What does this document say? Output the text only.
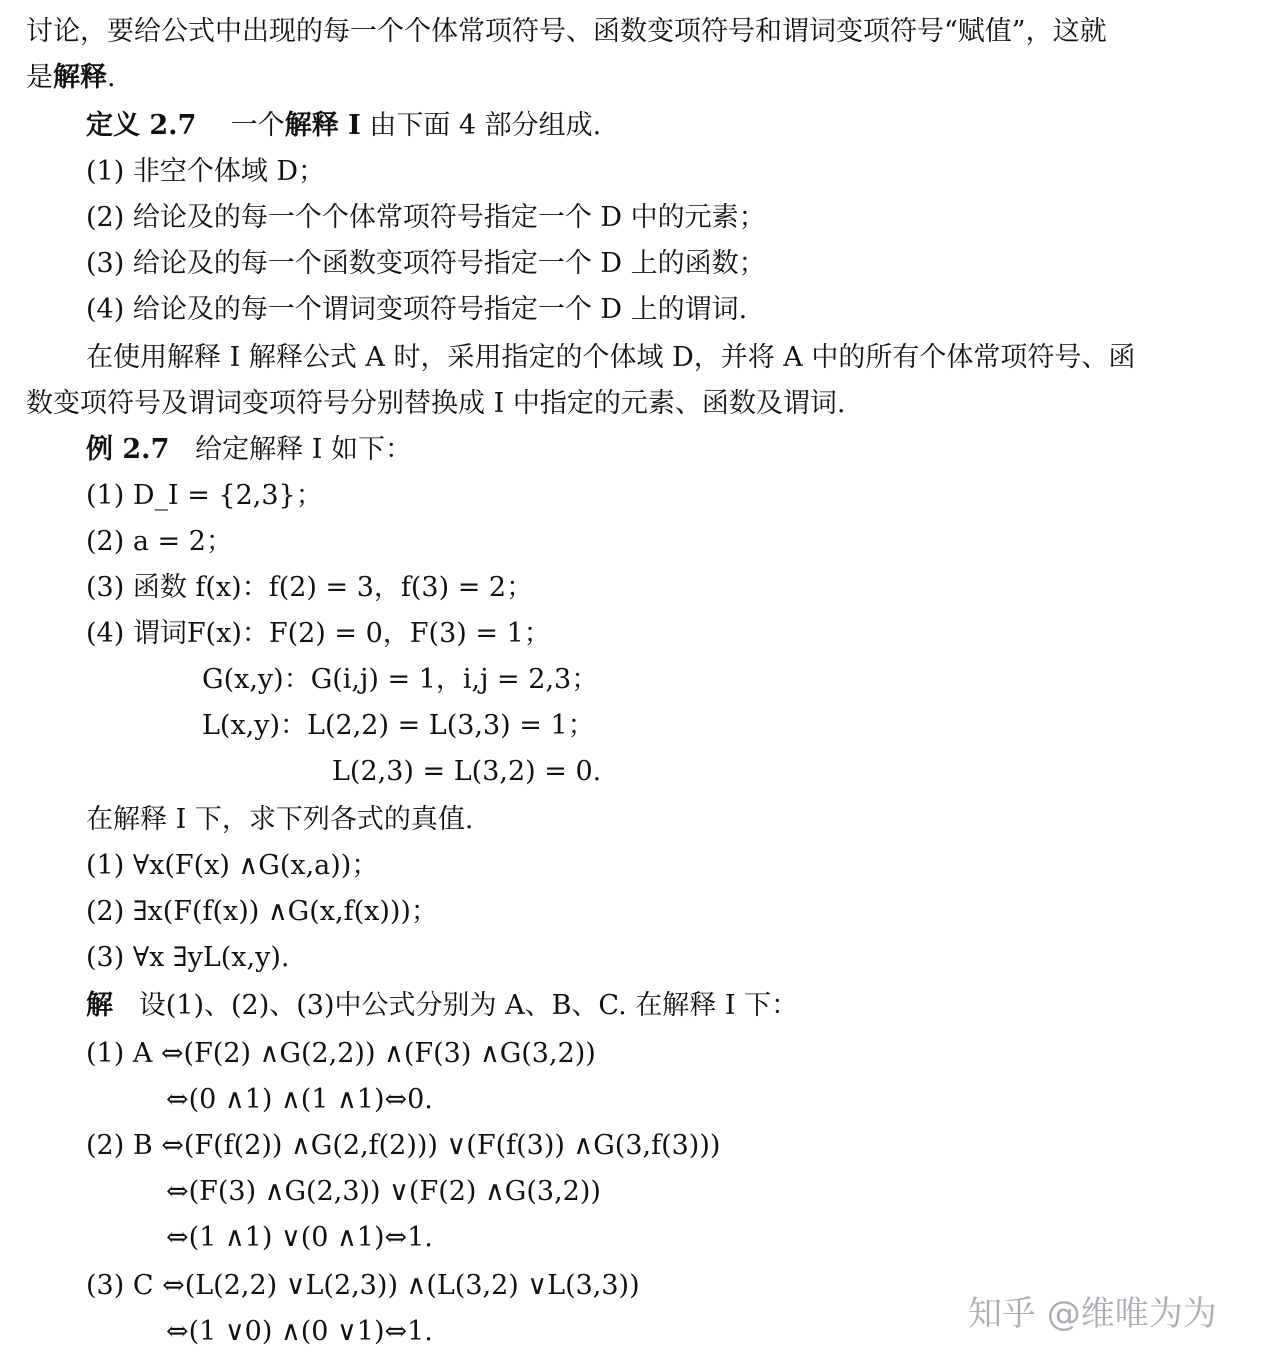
讨论，要给公式中出现的每一个个体常项符号、函数变项符号和谓词变项符号“赋值”，这就
是解释.
定义 2.7 一个解释 I 由下面 4 部分组成.
(1) 非空个体域 D；
(2) 给论及的每一个个体常项符号指定一个 D 中的元素；
(3) 给论及的每一个函数变项符号指定一个 D 上的函数；
(4) 给论及的每一个谓词变项符号指定一个 D 上的谓词.
在使用解释 I 解释公式 A 时，采用指定的个体域 D，并将 A 中的所有个体常项符号、函
数变项符号及谓词变项符号分别替换成 I 中指定的元素、函数及谓词.
例 2.7 给定解释 I 如下：
(1) D_I = {2,3}；
(2) a = 2；
(3) 函数 f(x)：f(2) = 3，f(3) = 2；
(4) 谓词F(x)：F(2) = 0，F(3) = 1；
G(x,y)：G(i,j) = 1，i,j = 2,3；
L(x,y)：L(2,2) = L(3,3) = 1；
L(2,3) = L(3,2) = 0.
在解释 I 下，求下列各式的真值.
(1) ∀x(F(x) ∧G(x,a))；
(2) ∃x(F(f(x)) ∧G(x,f(x)))；
(3) ∀x ∃yL(x,y).
解 设(1)、(2)、(3)中公式分别为 A、B、C. 在解释 I 下：
(1) A ⇔(F(2) ∧G(2,2)) ∧(F(3) ∧G(3,2))
⇔(0 ∧1) ∧(1 ∧1)⇔0.
(2) B ⇔(F(f(2)) ∧G(2,f(2))) ∨(F(f(3)) ∧G(3,f(3)))
⇔(F(3) ∧G(2,3)) ∨(F(2) ∧G(3,2))
⇔(1 ∧1) ∨(0 ∧1)⇔1.
(3) C ⇔(L(2,2) ∨L(2,3)) ∧(L(3,2) ∨L(3,3))
⇔(1 ∨0) ∧(0 ∨1)⇔1.	知乎 @维唯为为
